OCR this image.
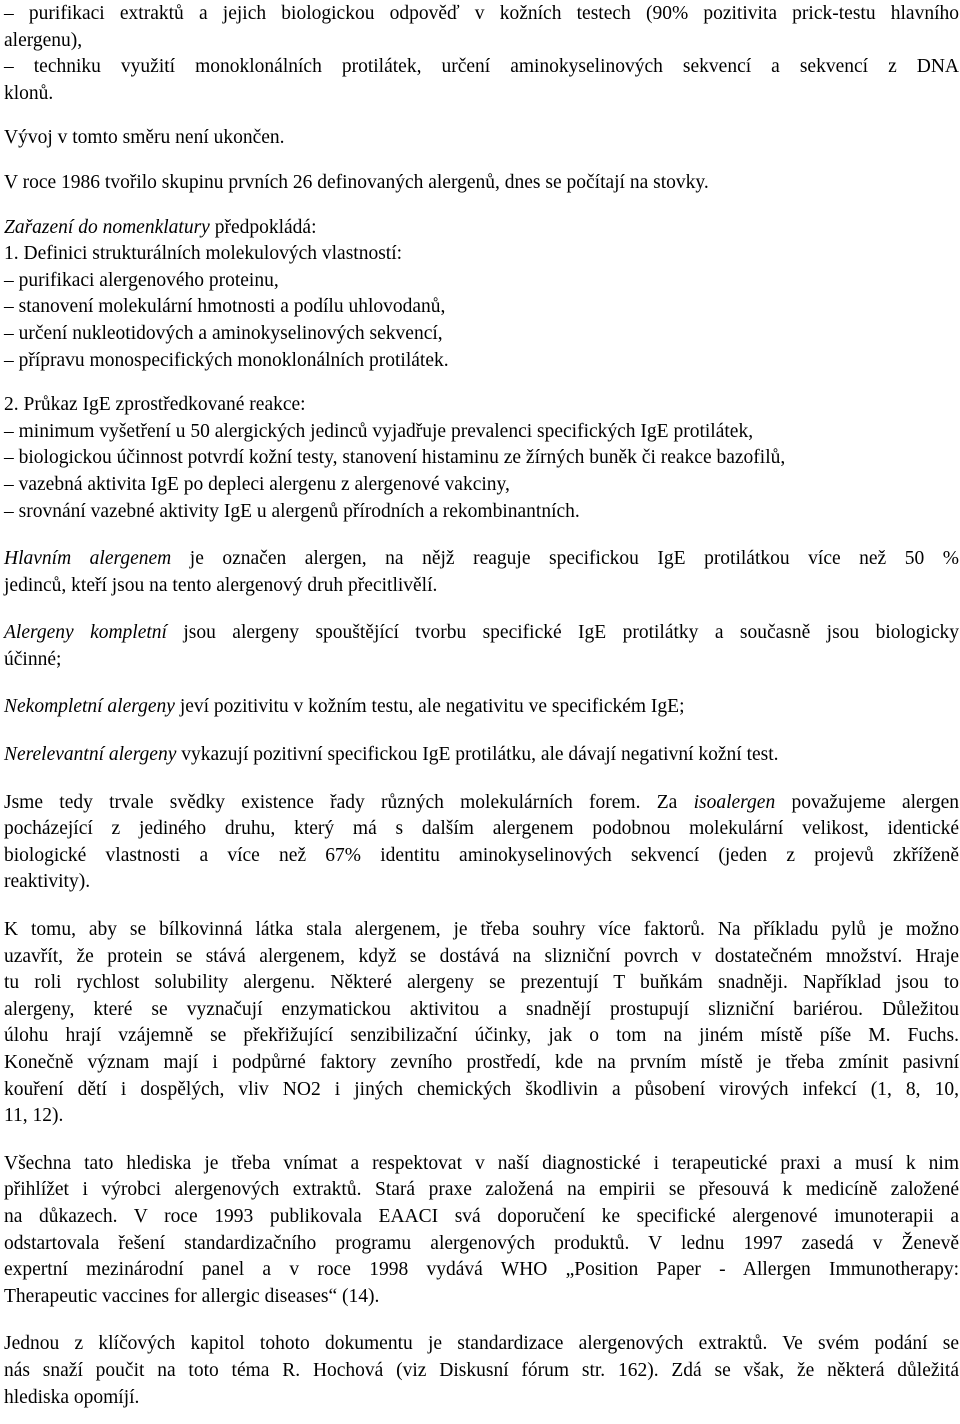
– purifikaci extraktů a jejich biologickou odpověď v kožních testech (90% pozitivita prick-testu hlavního
alergenu),
– techniku využití monoklonálních protilátek, určení aminokyselinových sekvencí a sekvencí z DNA
klonů.
Vývoj v tomto směru není ukončen.
V roce 1986 tvořilo skupinu prvních 26 definovaných alergenů, dnes se počítají na stovky.
Zařazení do nomenklatury předpokládá:
1. Definici strukturálních molekulových vlastností:
– purifikaci alergenového proteinu,
– stanovení molekulární hmotnosti a podílu uhlovodanů,
– určení nukleotidových a aminokyselinových sekvencí,
– přípravu monospecifických monoklonálních protilátek.
2. Průkaz IgE zprostředkované reakce:
– minimum vyšetření u 50 alergických jedinců vyjadřuje prevalenci specifických IgE protilátek,
– biologickou účinnost potvrdí kožní testy, stanovení histaminu ze žírných buněk či reakce bazofilů,
– vazebná aktivita IgE po depleci alergenu z alergenové vakciny,
– srovnání vazebné aktivity IgE u alergenů přírodních a rekombinantních.
Hlavním alergenem je označen alergen, na nějž reaguje specifickou IgE protilátkou více než 50 %
jedinců, kteří jsou na tento alergenový druh přecitlivělí.
Alergeny kompletní jsou alergeny spouštějící tvorbu specifické IgE protilátky a současně jsou biologicky
účinné;
Nekompletní alergeny jeví pozitivitu v kožním testu, ale negativitu ve specifickém IgE;
Nerelevantní alergeny vykazují pozitivní specifickou IgE protilátku, ale dávají negativní kožní test.
Jsme tedy trvale svědky existence řady různých molekulárních forem. Za isoalergen považujeme alergen
pocházející z jediného druhu, který má s dalším alergenem podobnou molekulární velikost, identické
biologické vlastnosti a více než 67% identitu aminokyselinových sekvencí (jeden z projevů zkříženě
reaktivity).
K tomu, aby se bílkovinná látka stala alergenem, je třeba souhry více faktorů. Na příkladu pylů je možno
uzavřít, že protein se stává alergenem, když se dostává na slizniční povrch v dostatečném množství. Hraje
tu roli rychlost solubility alergenu. Některé alergeny se prezentují T buňkám snadněji. Například jsou to
alergeny, které se vyznačují enzymatickou aktivitou a snadnějí prostupují slizniční bariérou. Důležitou
úlohu hrají vzájemně se překřižující senzibilizační účinky, jak o tom na jiném místě píše M. Fuchs.
Konečně význam mají i podpůrné faktory zevního prostředí, kde na prvním místě je třeba zmínit pasivní
kouření dětí i dospělých, vliv NO2 i jiných chemických škodlivin a působení virových infekcí (1, 8, 10,
11, 12).
Všechna tato hlediska je třeba vnímat a respektovat v naší diagnostické i terapeutické praxi a musí k nim
přihlížet i výrobci alergenových extraktů. Stará praxe založená na empirii se přesouvá k medicíně založené
na důkazech. V roce 1993 publikovala EAACI svá doporučení ke specifické alergenové imunoterapii a
odstartovala řešení standardizačního programu alergenových produktů. V lednu 1997 zasedá v Ženevě
expertní mezinárodní panel a v roce 1998 vydává WHO „Position Paper - Allergen Immunotherapy:
Therapeutic vaccines for allergic diseases“ (14).
Jednou z klíčových kapitol tohoto dokumentu je standardizace alergenových extraktů. Ve svém podání se
nás snaží poučit na toto téma R. Hochová (viz Diskusní fórum str. 162). Zdá se však, že některá důležitá
hlediska opomíjí.
